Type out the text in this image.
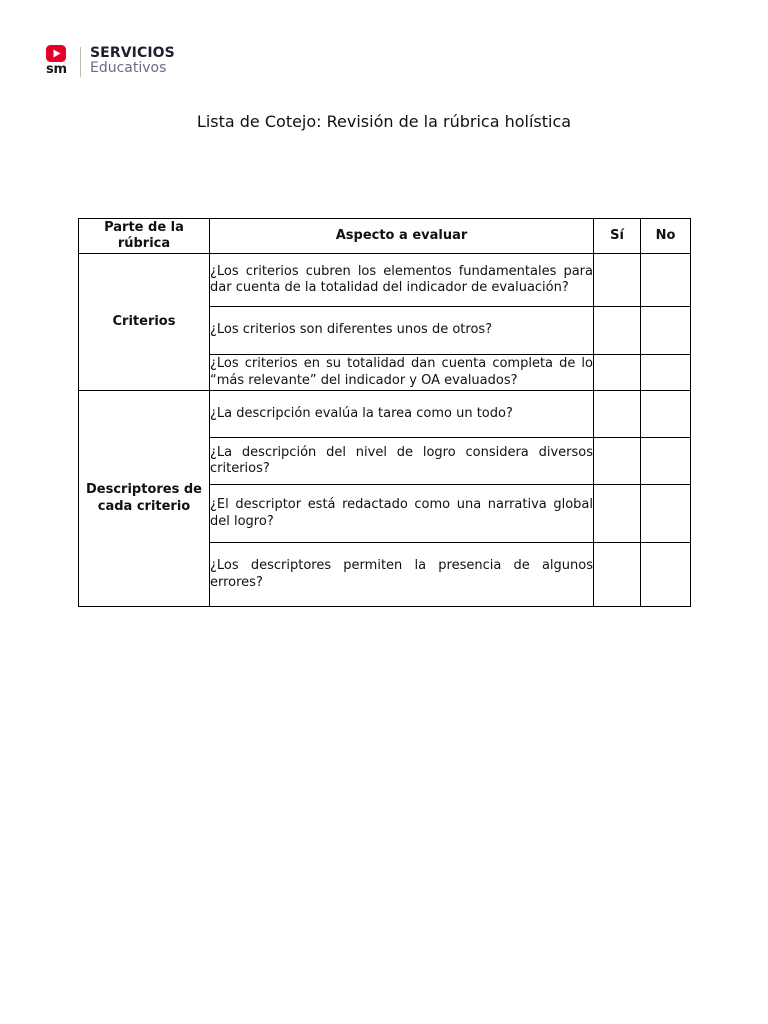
sm
SERVICIOS
Educativos
Lista de Cotejo: Revisión de la rúbrica holística
Parte de la rúbrica	Aspecto a evaluar	Sí	No
Criterios	¿Los criterios cubren los elementos fundamentales para dar cuenta de la totalidad del indicador de evaluación?		
	¿Los criterios son diferentes unos de otros?		
	¿Los criterios en su totalidad dan cuenta completa de lo “más relevante” del indicador y OA evaluados?		
Descriptores de cada criterio	¿La descripción evalúa la tarea como un todo?		
	¿La descripción del nivel de logro considera diversos criterios?		
	¿El descriptor está redactado como una narrativa global del logro?		
	¿Los descriptores permiten la presencia de algunos errores?		
